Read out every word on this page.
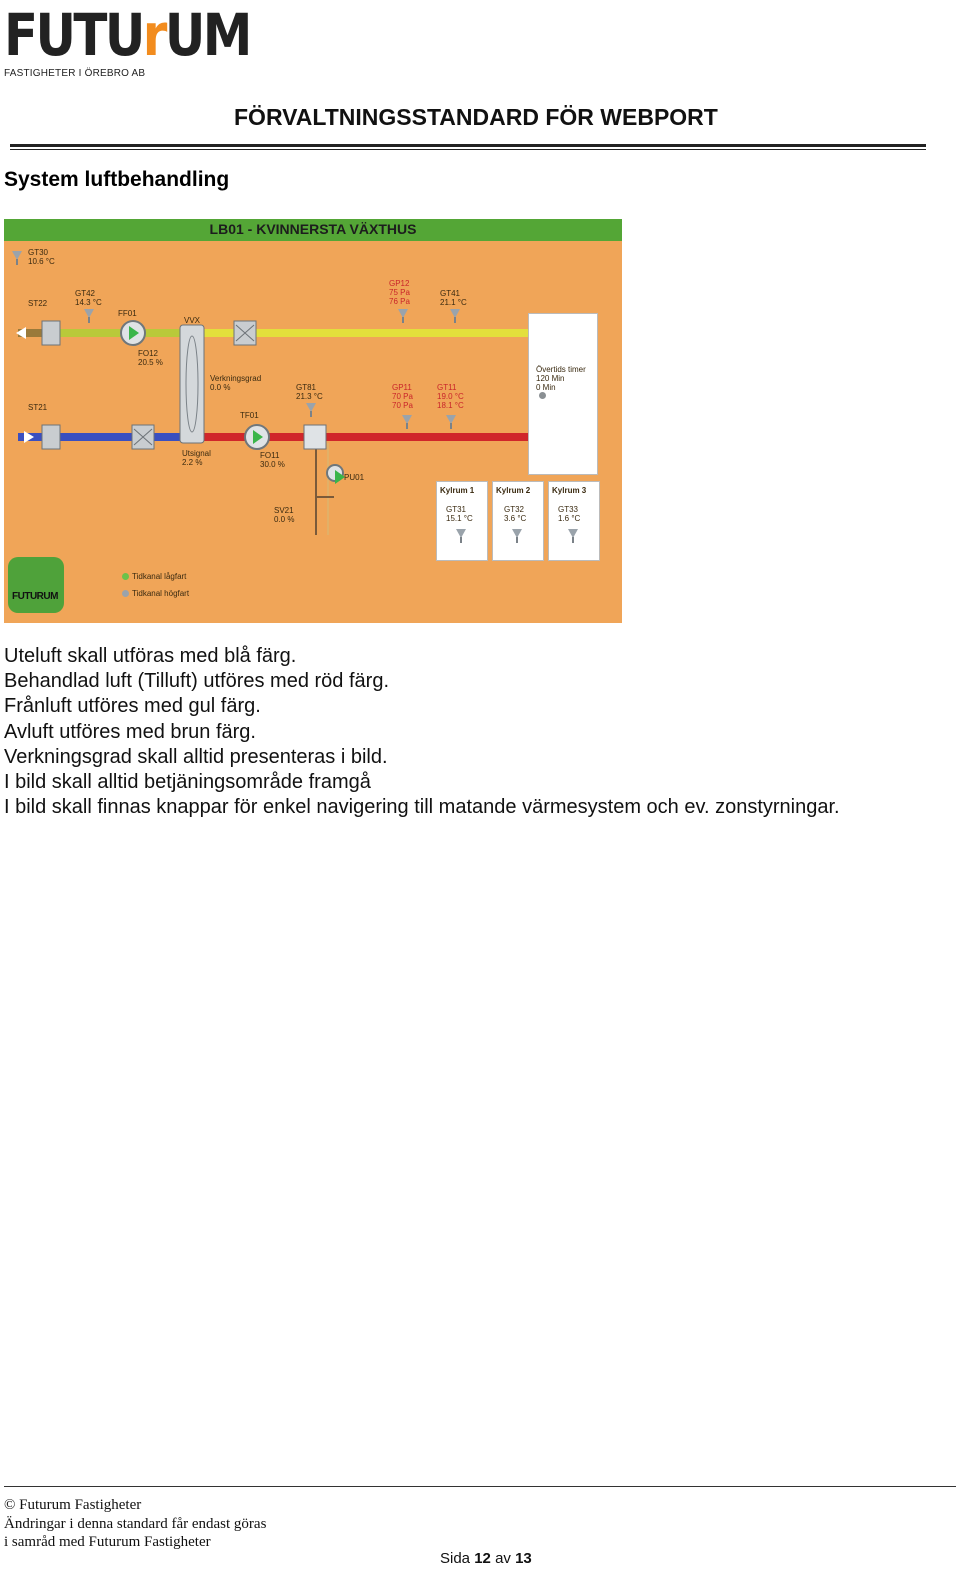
FUTUrUM
FASTIGHETER I ÖREBRO AB
FÖRVALTNINGSSTANDARD FÖR WEBPORT
System luftbehandling
LB01 - KVINNERSTA VÄXTHUS
GT30
10.6 °C
GT42
14.3 °C
ST22
FF01
FO12
20.5 %
VVX
Verkningsgrad
0.0 %
GP12
75 Pa
76 Pa
GT41
21.1 °C
Övertids timer
120 Min
0 Min
ST21
Utsignal
2.2 %
TF01
GT81
21.3 °C
GP11
70 Pa
70 Pa
GT11
19.0 °C
18.1 °C
FO11
30.0 %
PU01
SV21
0.0 %
Kylrum 1
GT31
15.1 °C
Kylrum 2
GT32
3.6 °C
Kylrum 3
GT33
1.6 °C
FUTURUM
Tidkanal lågfart
Tidkanal högfart
Uteluft skall utföras med blå färg.
Behandlad luft (Tilluft) utföres med röd färg.
Frånluft utföres med gul färg.
Avluft utföres med brun färg.
Verkningsgrad skall alltid presenteras i bild.
I bild skall alltid betjäningsområde framgå
I bild skall finnas knappar för enkel navigering till matande värmesystem och ev. zonstyrningar.
© Futurum Fastigheter
Ändringar i denna standard får endast göras
i samråd med Futurum Fastigheter
Sida 12 av 13
